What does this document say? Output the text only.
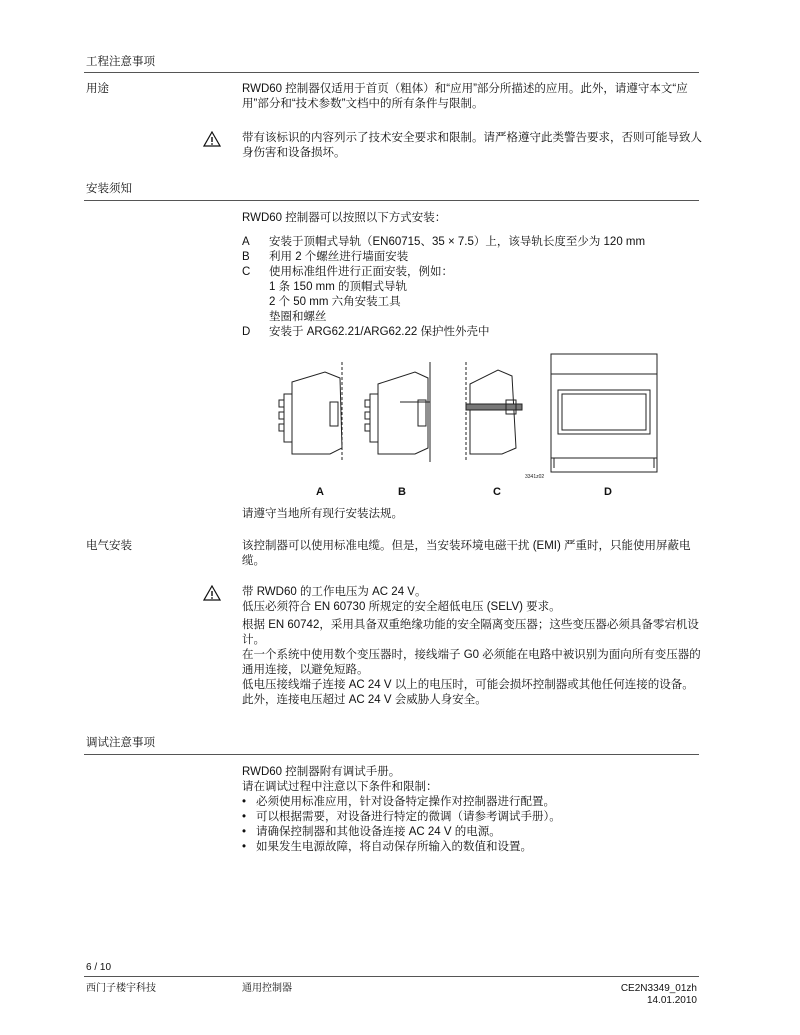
工程注意事项
用途	RWD60 控制器仅适用于首页（粗体）和“应用”部分所描述的应用。此外，请遵守本文“应用”部分和“技术参数”文档中的所有条件与限制。
带有该标识的内容列示了技术安全要求和限制。请严格遵守此类警告要求，否则可能导致人身伤害和设备损坏。
安装须知
RWD60 控制器可以按照以下方式安装：
A	安装于顶帽式导轨（EN60715、35 × 7.5）上，该导轨长度至少为 120 mm
B	利用 2 个螺丝进行墙面安装
C	使用标准组件进行正面安装，例如：
1 条 150 mm 的顶帽式导轨
2 个 50 mm 六角安装工具
垫圈和螺丝
D	安装于 ARG62.21/ARG62.22 保护性外壳中
3341z02
A	B	C	D
请遵守当地所有现行安装法规。
电气安装	该控制器可以使用标准电缆。但是，当安装环境电磁干扰 (EMI) 严重时，只能使用屏蔽电缆。

带 RWD60 的工作电压为 AC 24 V。

低压必须符合 EN 60730 所规定的安全超低电压 (SELV) 要求。

根据 EN 60742，采用具备双重绝缘功能的安全隔离变压器；这些变压器必须具备零宕机设计。

在一个系统中使用数个变压器时，接线端子 G0 必须能在电路中被识别为面向所有变压器的通用连接，以避免短路。

低电压接线端子连接 AC 24 V 以上的电压时，可能会损坏控制器或其他任何连接的设备。此外，连接电压超过 AC 24 V 会威胁人身安全。

调试注意事项

RWD60 控制器附有调试手册。

请在调试过程中注意以下条件和限制：

• 必须使用标准应用，针对设备特定操作对控制器进行配置。
• 可以根据需要，对设备进行特定的微调（请参考调试手册）。
• 请确保控制器和其他设备连接 AC 24 V 的电源。
• 如果发生电源故障，将自动保存所输入的数值和设置。
6 / 10
西门子楼宇科技	通用控制器	CE2N3349_01zh
14.01.2010
